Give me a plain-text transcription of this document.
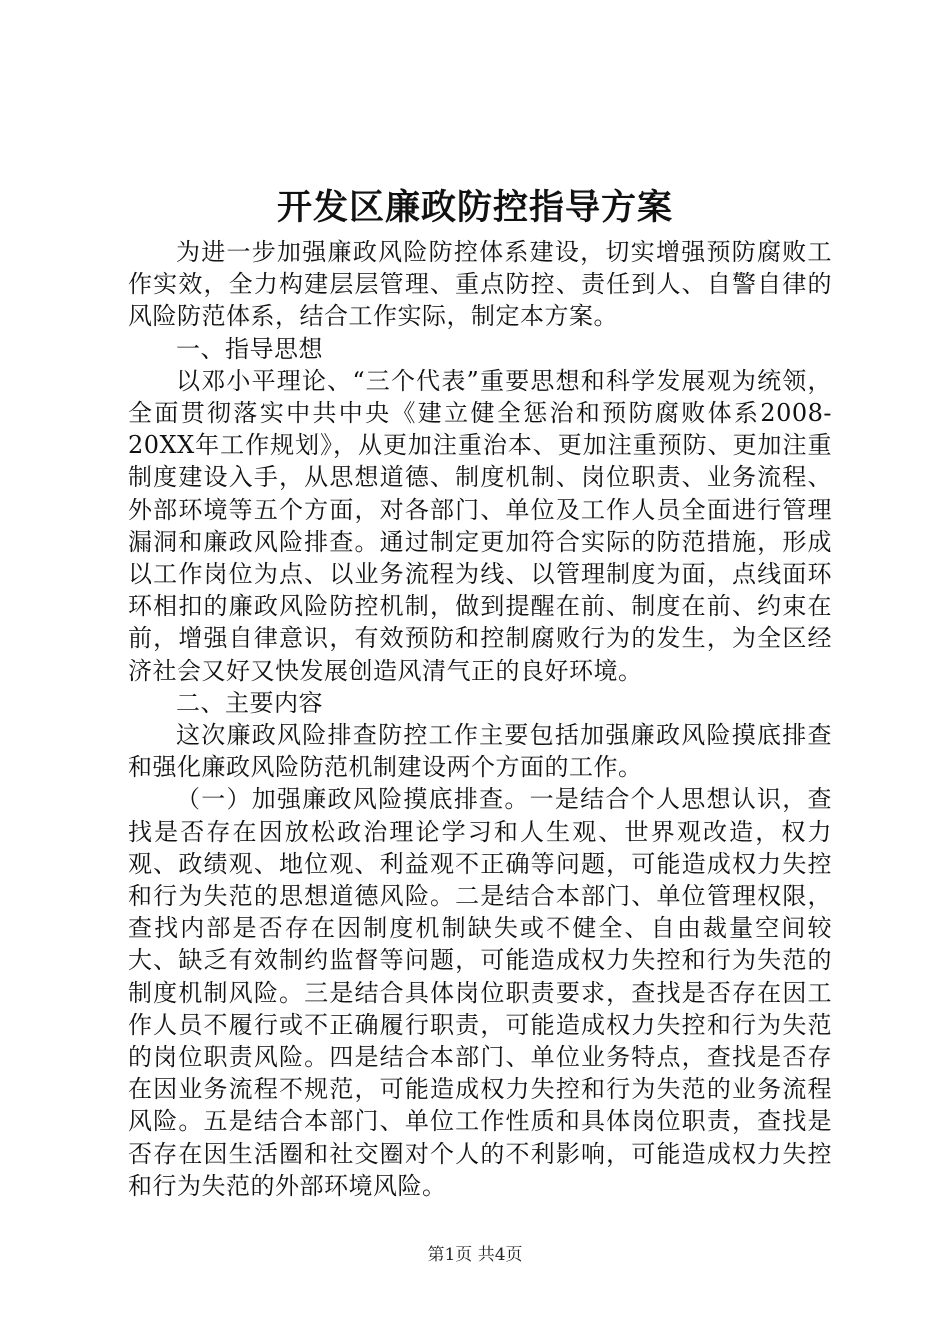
开发区廉政防控指导方案

为进一步加强廉政风险防控体系建设，切实增强预防腐败工作实效，全力构建层层管理、重点防控、责任到人、自警自律的风险防范体系，结合工作实际，制定本方案。

一、指导思想

以邓小平理论、“三个代表”重要思想和科学发展观为统领，全面贯彻落实中共中央《建立健全惩治和预防腐败体系2008-20XX年工作规划》，从更加注重治本、更加注重预防、更加注重制度建设入手，从思想道德、制度机制、岗位职责、业务流程、外部环境等五个方面，对各部门、单位及工作人员全面进行管理漏洞和廉政风险排查。通过制定更加符合实际的防范措施，形成以工作岗位为点、以业务流程为线、以管理制度为面，点线面环环相扣的廉政风险防控机制，做到提醒在前、制度在前、约束在前，增强自律意识，有效预防和控制腐败行为的发生，为全区经济社会又好又快发展创造风清气正的良好环境。

二、主要内容

这次廉政风险排查防控工作主要包括加强廉政风险摸底排查和强化廉政风险防范机制建设两个方面的工作。

（一）加强廉政风险摸底排查。一是结合个人思想认识，查找是否存在因放松政治理论学习和人生观、世界观改造，权力观、政绩观、地位观、利益观不正确等问题，可能造成权力失控和行为失范的思想道德风险。二是结合本部门、单位管理权限，查找内部是否存在因制度机制缺失或不健全、自由裁量空间较大、缺乏有效制约监督等问题，可能造成权力失控和行为失范的制度机制风险。三是结合具体岗位职责要求，查找是否存在因工作人员不履行或不正确履行职责，可能造成权力失控和行为失范的岗位职责风险。四是结合本部门、单位业务特点，查找是否存在因业务流程不规范，可能造成权力失控和行为失范的业务流程风险。五是结合本部门、单位工作性质和具体岗位职责，查找是否存在因生活圈和社交圈对个人的不利影响，可能造成权力失控和行为失范的外部环境风险。

第1页 共4页
